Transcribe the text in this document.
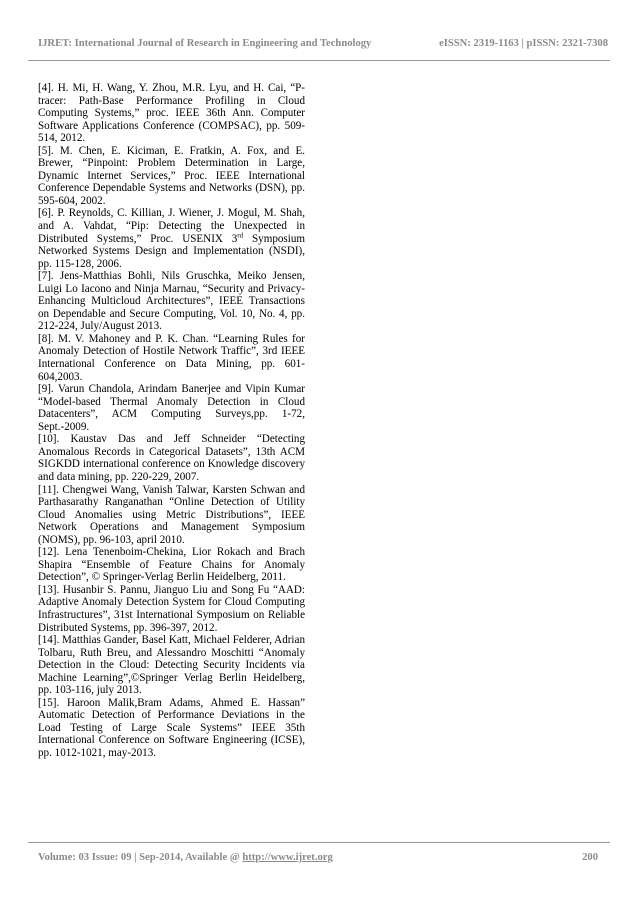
IJRET: International Journal of Research in Engineering and Technology	eISSN: 2319-1163 | pISSN: 2321-7308
[4]. H. Mi, H. Wang, Y. Zhou, M.R. Lyu, and H. Cai, “P-tracer: Path-Base Performance Profiling in Cloud Computing Systems,” proc. IEEE 36th Ann. Computer Software Applications Conference (COMPSAC), pp. 509-514, 2012.
[5]. M. Chen, E. Kiciman, E. Fratkin, A. Fox, and E. Brewer, “Pinpoint: Problem Determination in Large, Dynamic Internet Services,” Proc. IEEE International Conference Dependable Systems and Networks (DSN), pp. 595-604, 2002.
[6]. P. Reynolds, C. Killian, J. Wiener, J. Mogul, M. Shah, and A. Vahdat, “Pip: Detecting the Unexpected in Distributed Systems,” Proc. USENIX 3rd Symposium Networked Systems Design and Implementation (NSDI), pp. 115-128, 2006.
[7]. Jens-Matthias Bohli, Nils Gruschka, Meiko Jensen, Luigi Lo Iacono and Ninja Marnau, “Security and Privacy-Enhancing Multicloud Architectures”, IEEE Transactions on Dependable and Secure Computing, Vol. 10, No. 4, pp. 212-224, July/August 2013.
[8]. M. V. Mahoney and P. K. Chan. “Learning Rules for Anomaly Detection of Hostile Network Traffic”, 3rd IEEE International Conference on Data Mining, pp. 601-604,2003.
[9]. Varun Chandola, Arindam Banerjee and Vipin Kumar “Model-based Thermal Anomaly Detection in Cloud Datacenters”, ACM Computing Surveys,pp. 1-72, Sept.-2009.
[10]. Kaustav Das and Jeff Schneider “Detecting Anomalous Records in Categorical Datasets”, 13th ACM SIGKDD international conference on Knowledge discovery and data mining, pp. 220-229, 2007.
[11]. Chengwei Wang, Vanish Talwar, Karsten Schwan and Parthasarathy Ranganathan “Online Detection of Utility Cloud Anomalies using Metric Distributions”, IEEE Network Operations and Management Symposium (NOMS), pp. 96-103, april 2010.
[12]. Lena Tenenboim-Chekina, Lior Rokach and Brach Shapira “Ensemble of Feature Chains for Anomaly Detection”, © Springer-Verlag Berlin Heidelberg, 2011.
[13]. Husanbir S. Pannu, Jianguo Liu and Song Fu “AAD: Adaptive Anomaly Detection System for Cloud Computing Infrastructures”, 31st International Symposium on Reliable Distributed Systems, pp. 396-397, 2012.
[14]. Matthias Gander, Basel Katt, Michael Felderer, Adrian Tolbaru, Ruth Breu, and Alessandro Moschitti “Anomaly Detection in the Cloud: Detecting Security Incidents via Machine Learning”,©Springer Verlag Berlin Heidelberg, pp. 103-116, july 2013.
[15]. Haroon Malik,Bram Adams, Ahmed E. Hassan” Automatic Detection of Performance Deviations in the Load Testing of Large Scale Systems” IEEE 35th International Conference on Software Engineering (ICSE), pp. 1012-1021, may-2013.
Volume: 03 Issue: 09 | Sep-2014, Available @ http://www.ijret.org	200
